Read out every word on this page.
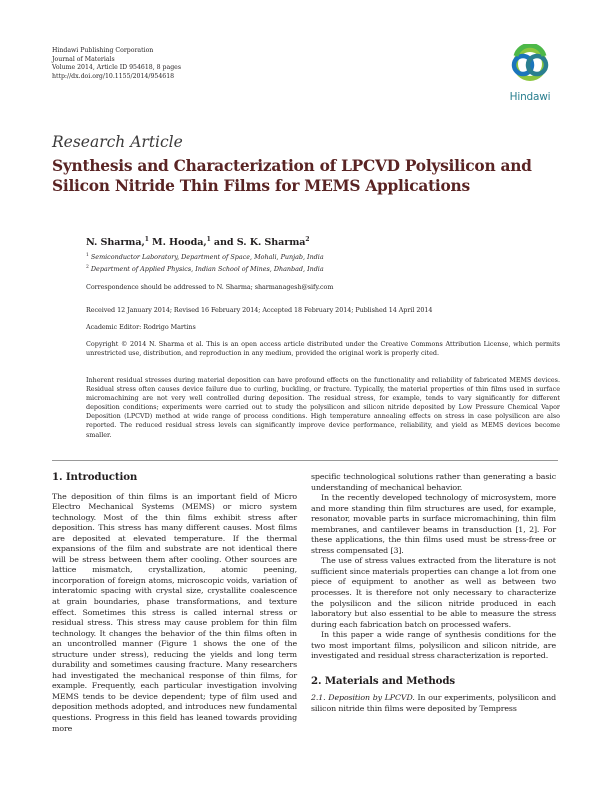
Hindawi Publishing Corporation
Journal of Materials
Volume 2014, Article ID 954618, 8 pages
http://dx.doi.org/10.1155/2014/954618
Hindawi
Research Article
Synthesis and Characterization of LPCVD Polysilicon and
Silicon Nitride Thin Films for MEMS Applications
N. Sharma,$^1$ M. Hooda,$^1$ and S. K. Sharma$^2$
$^1$ Semiconductor Laboratory, Department of Space, Mohali, Punjab, India
$^2$ Department of Applied Physics, Indian School of Mines, Dhanbad, India
Correspondence should be addressed to N. Sharma; sharmanagesh@sify.com
Received 12 January 2014; Revised 16 February 2014; Accepted 18 February 2014; Published 14 April 2014
Academic Editor: Rodrigo Martins
Copyright © 2014 N. Sharma et al. This is an open access article distributed under the Creative Commons Attribution License, which permits unrestricted use, distribution, and reproduction in any medium, provided the original work is properly cited.
Inherent residual stresses during material deposition can have profound effects on the functionality and reliability of fabricated MEMS devices. Residual stress often causes device failure due to curling, buckling, or fracture. Typically, the material properties of thin films used in surface micromachining are not very well controlled during deposition. The residual stress, for example, tends to vary significantly for different deposition conditions; experiments were carried out to study the polysilicon and silicon nitride deposited by Low Pressure Chemical Vapor Deposition (LPCVD) method at wide range of process conditions. High temperature annealing effects on stress in case polysilicon are also reported. The reduced residual stress levels can significantly improve device performance, reliability, and yield as MEMS devices become smaller.
1. Introduction

The deposition of thin films is an important field of Micro Electro Mechanical Systems (MEMS) or micro system technology. Most of the thin films exhibit stress after deposition. This stress has many different causes. Most films are deposited at elevated temperature. If the thermal expansions of the film and substrate are not identical there will be stress between them after cooling. Other sources are lattice mismatch, crystallization, atomic peening, incorporation of foreign atoms, microscopic voids, variation of interatomic spacing with crystal size, crystallite coalescence at grain boundaries, phase transformations, and texture effect. Sometimes this stress is called internal stress or residual stress. This stress may cause problem for thin film technology. It changes the behavior of the thin films often in an uncontrolled manner (Figure 1 shows the one of the structure under stress), reducing the yields and long term durability and sometimes causing fracture. Many researchers had investigated the mechanical response of thin films, for example. Frequently, each particular investigation involving MEMS tends to be device dependent; type of film used and deposition methods adopted, and introduces new fundamental questions. Progress in this field has leaned towards providing more

specific technological solutions rather than generating a basic understanding of mechanical behavior.

In the recently developed technology of microsystem, more and more standing thin film structures are used, for example, resonator, movable parts in surface micromachining, thin film membranes, and cantilever beams in transduction [1, 2]. For these applications, the thin films used must be stress-free or stress compensated [3].

The use of stress values extracted from the literature is not sufficient since materials properties can change a lot from one piece of equipment to another as well as between two processes. It is therefore not only necessary to characterize the polysilicon and the silicon nitride produced in each laboratory but also essential to be able to measure the stress during each fabrication batch on processed wafers.

In this paper a wide range of synthesis conditions for the two most important films, polysilicon and silicon nitride, are investigated and residual stress characterization is reported.

2. Materials and Methods

2.1. Deposition by LPCVD. In our experiments, polysilicon and silicon nitride thin films were deposited by Tempress
